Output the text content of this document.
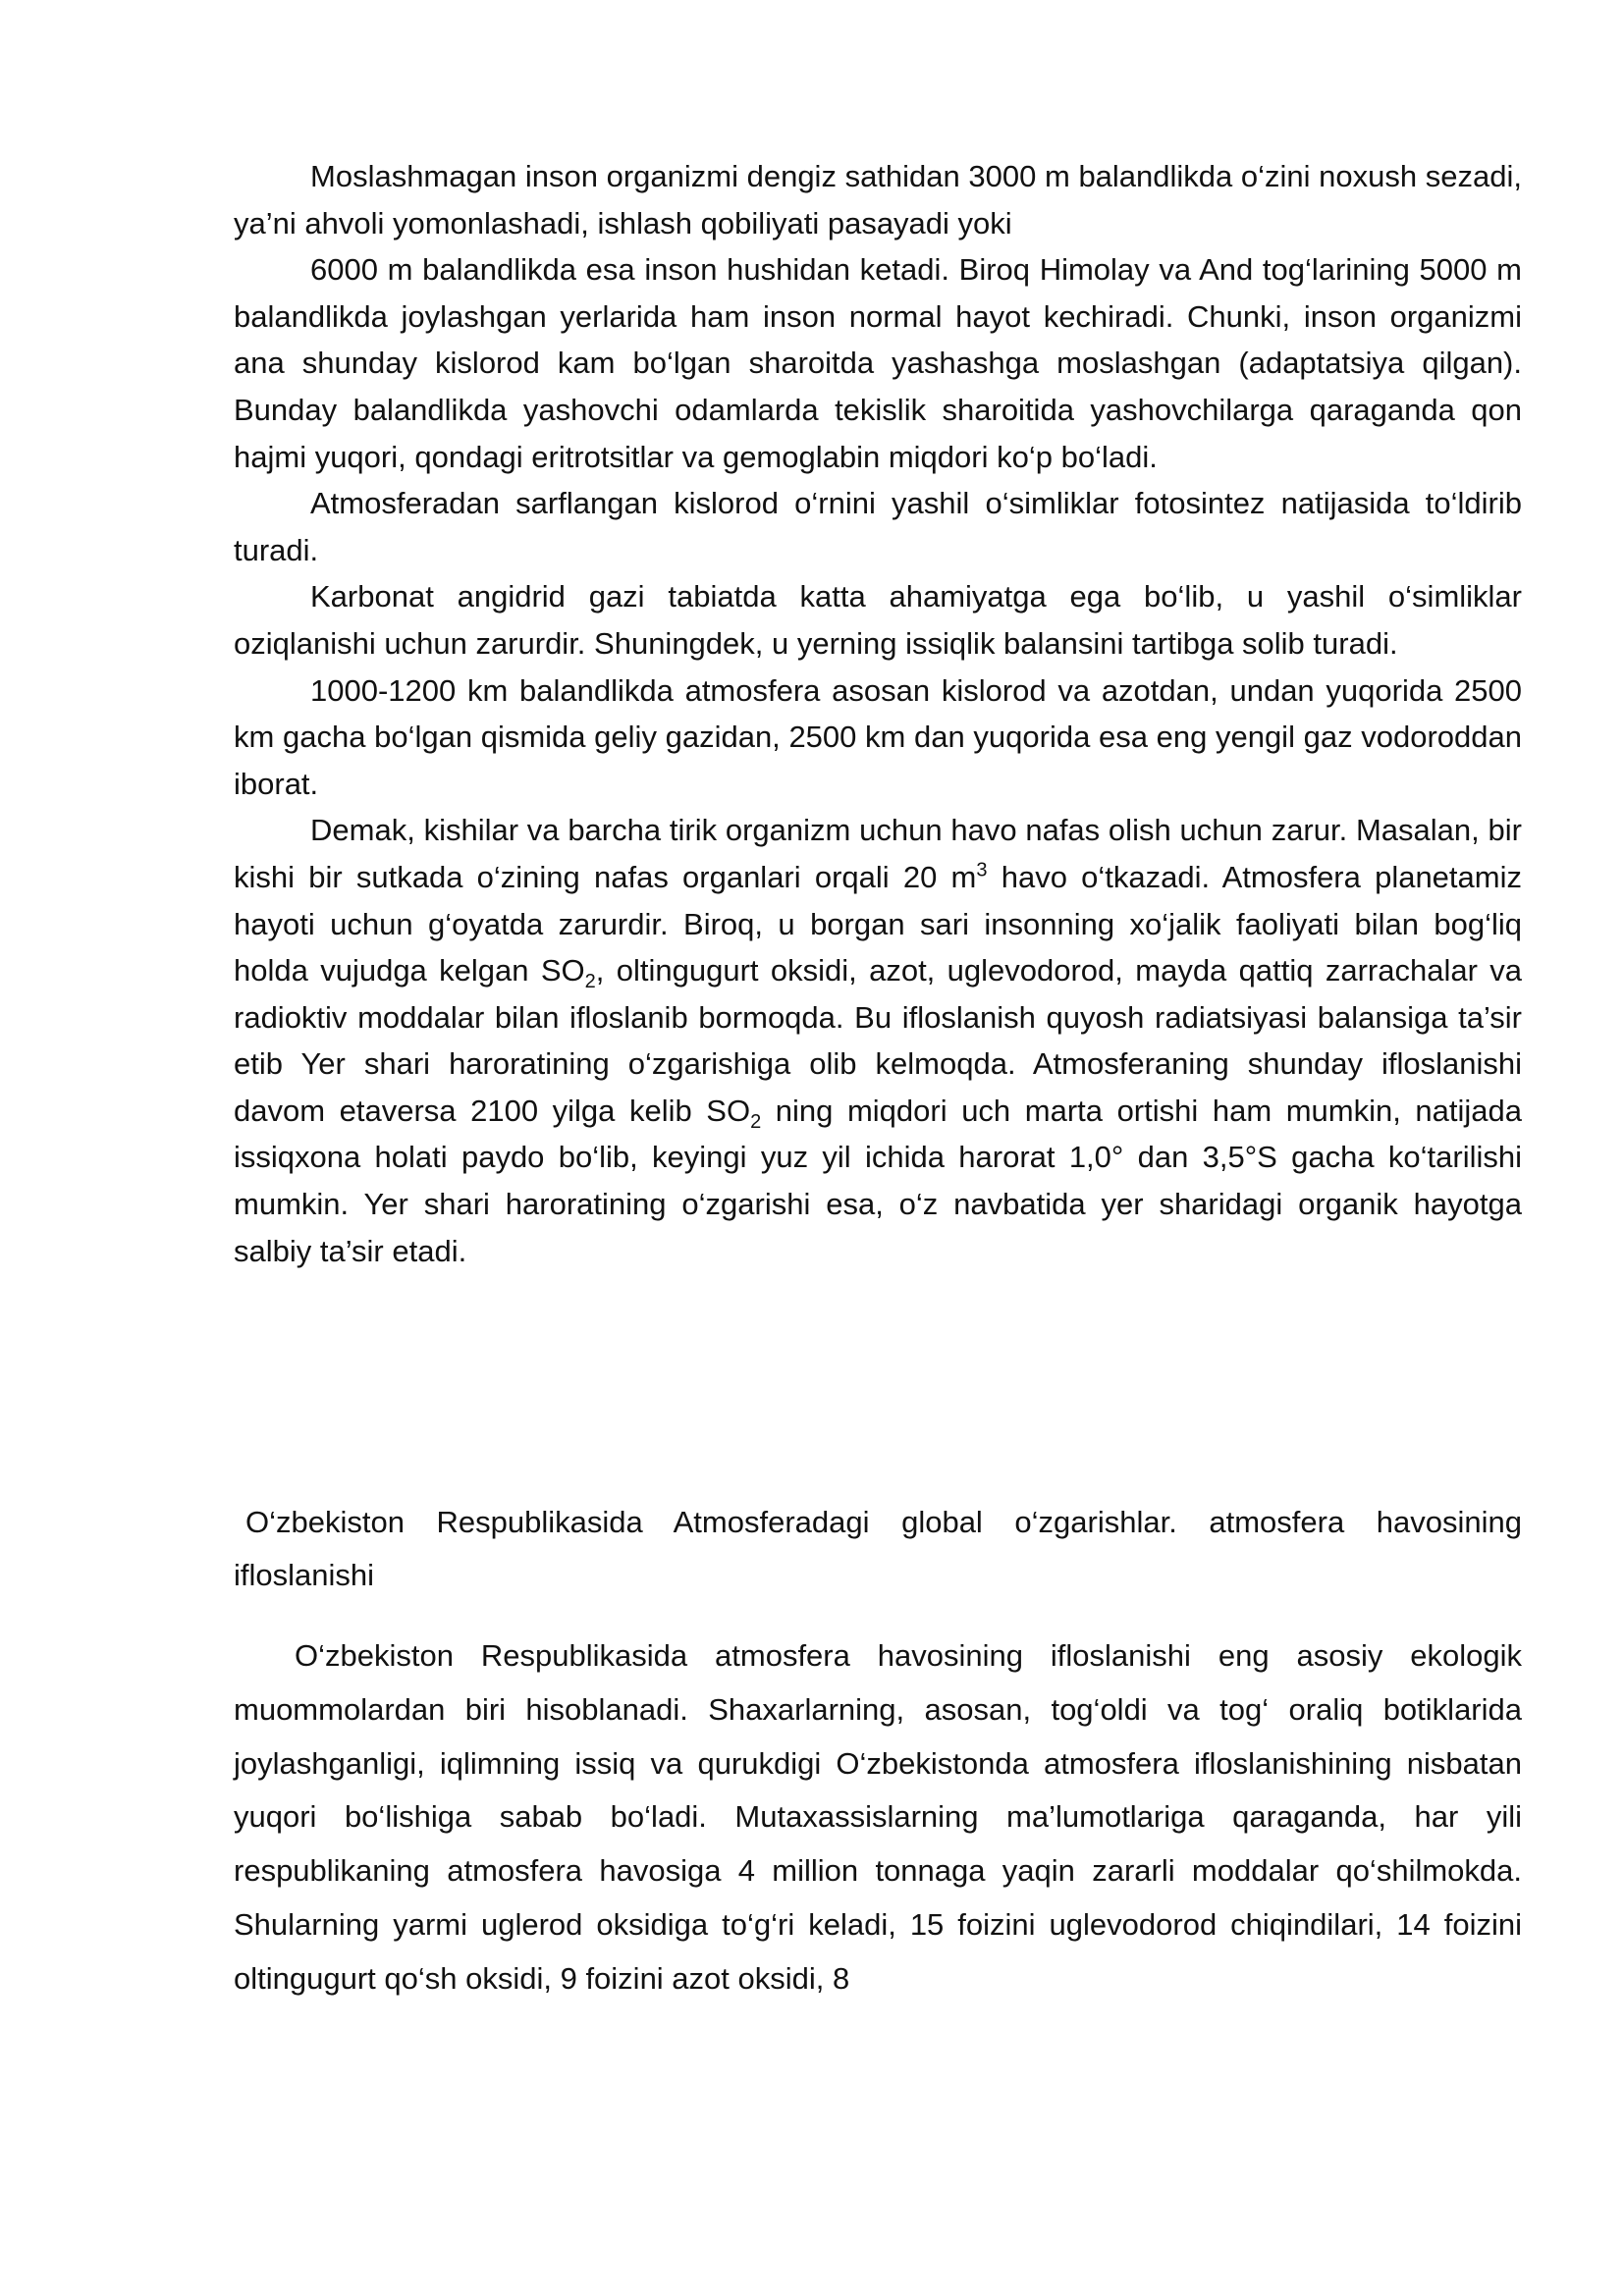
Moslashmagan inson organizmi dengiz sathidan 3000 m balandlikda o‘zini noxush sezadi, ya’ni ahvoli yomonlashadi, ishlash qobiliyati pasayadi yoki

6000 m balandlikda esa inson hushidan ketadi. Biroq Himolay va And tog‘larining 5000 m balandlikda joylashgan yerlarida ham inson normal hayot kechiradi. Chunki, inson organizmi ana shunday kislorod kam bo‘lgan sharoitda yashashga moslashgan (adaptatsiya qilgan). Bunday balandlikda yashovchi odamlarda tekislik sharoitida yashovchilarga qaraganda qon hajmi yuqori, qondagi eritrotsitlar va gemoglabin miqdori ko‘p bo‘ladi.

Atmosferadan sarflangan kislorod o‘rnini yashil o‘simliklar fotosintez natijasida to‘ldirib turadi.

Karbonat angidrid gazi tabiatda katta ahamiyatga ega bo‘lib, u yashil o‘simliklar oziqlanishi uchun zarurdir. Shuningdek, u yerning issiqlik balansini tartibga solib turadi.

1000-1200 km balandlikda atmosfera asosan kislorod va azotdan, undan yuqorida 2500 km gacha bo‘lgan qismida geliy gazidan, 2500 km dan yuqorida esa eng yengil gaz vodoroddan iborat.

Demak, kishilar va barcha tirik organizm uchun havo nafas olish uchun zarur. Masalan, bir kishi bir sutkada o‘zining nafas organlari orqali 20 $m^3$ havo o‘tkazadi. Atmosfera planetamiz hayoti uchun g‘oyatda zarurdir. Biroq, u borgan sari insonning xo‘jalik faoliyati bilan bog‘liq holda vujudga kelgan $SO_2$, oltingugurt oksidi, azot, uglevodorod, mayda qattiq zarrachalar va radioktiv moddalar bilan ifloslanib bormoqda. Bu ifloslanish quyosh radiatsiyasi balansiga ta’sir etib Yer shari haroratining o‘zgarishiga olib kelmoqda. Atmosferaning shunday ifloslanishi davom etaversa 2100 yilga kelib $SO_2$ ning miqdori uch marta ortishi ham mumkin, natijada issiqxona holati paydo bo‘lib, keyingi yuz yil ichida harorat 1,0° dan 3,5°S gacha ko‘tarilishi mumkin. Yer shari haroratining o‘zgarishi esa, o‘z navbatida yer sharidagi organik hayotga salbiy ta’sir etadi.

O‘zbekiston Respublikasida Atmosferadagi global o‘zgarishlar. atmosfera havosining ifloslanishi

O‘zbekiston Respublikasida atmosfera havosining ifloslanishi eng asosiy ekologik muommolardan biri hisoblanadi. Shaxarlarning, asosan, tog‘oldi va tog‘ oraliq botiklarida joylashganligi, iqlimning issiq va qurukdigi O‘zbekistonda atmosfera ifloslanishining nisbatan yuqori bo‘lishiga sabab bo‘ladi. Mutaxassislarning ma’lumotlariga qaraganda, har yili respublikaning atmosfera havosiga 4 million tonnaga yaqin zararli moddalar qo‘shilmokda. Shularning yarmi uglerod oksidiga to‘g‘ri keladi, 15 foizini uglevodorod chiqindilari, 14 foizini oltingugurt qo‘sh oksidi, 9 foizini azot oksidi, 8
